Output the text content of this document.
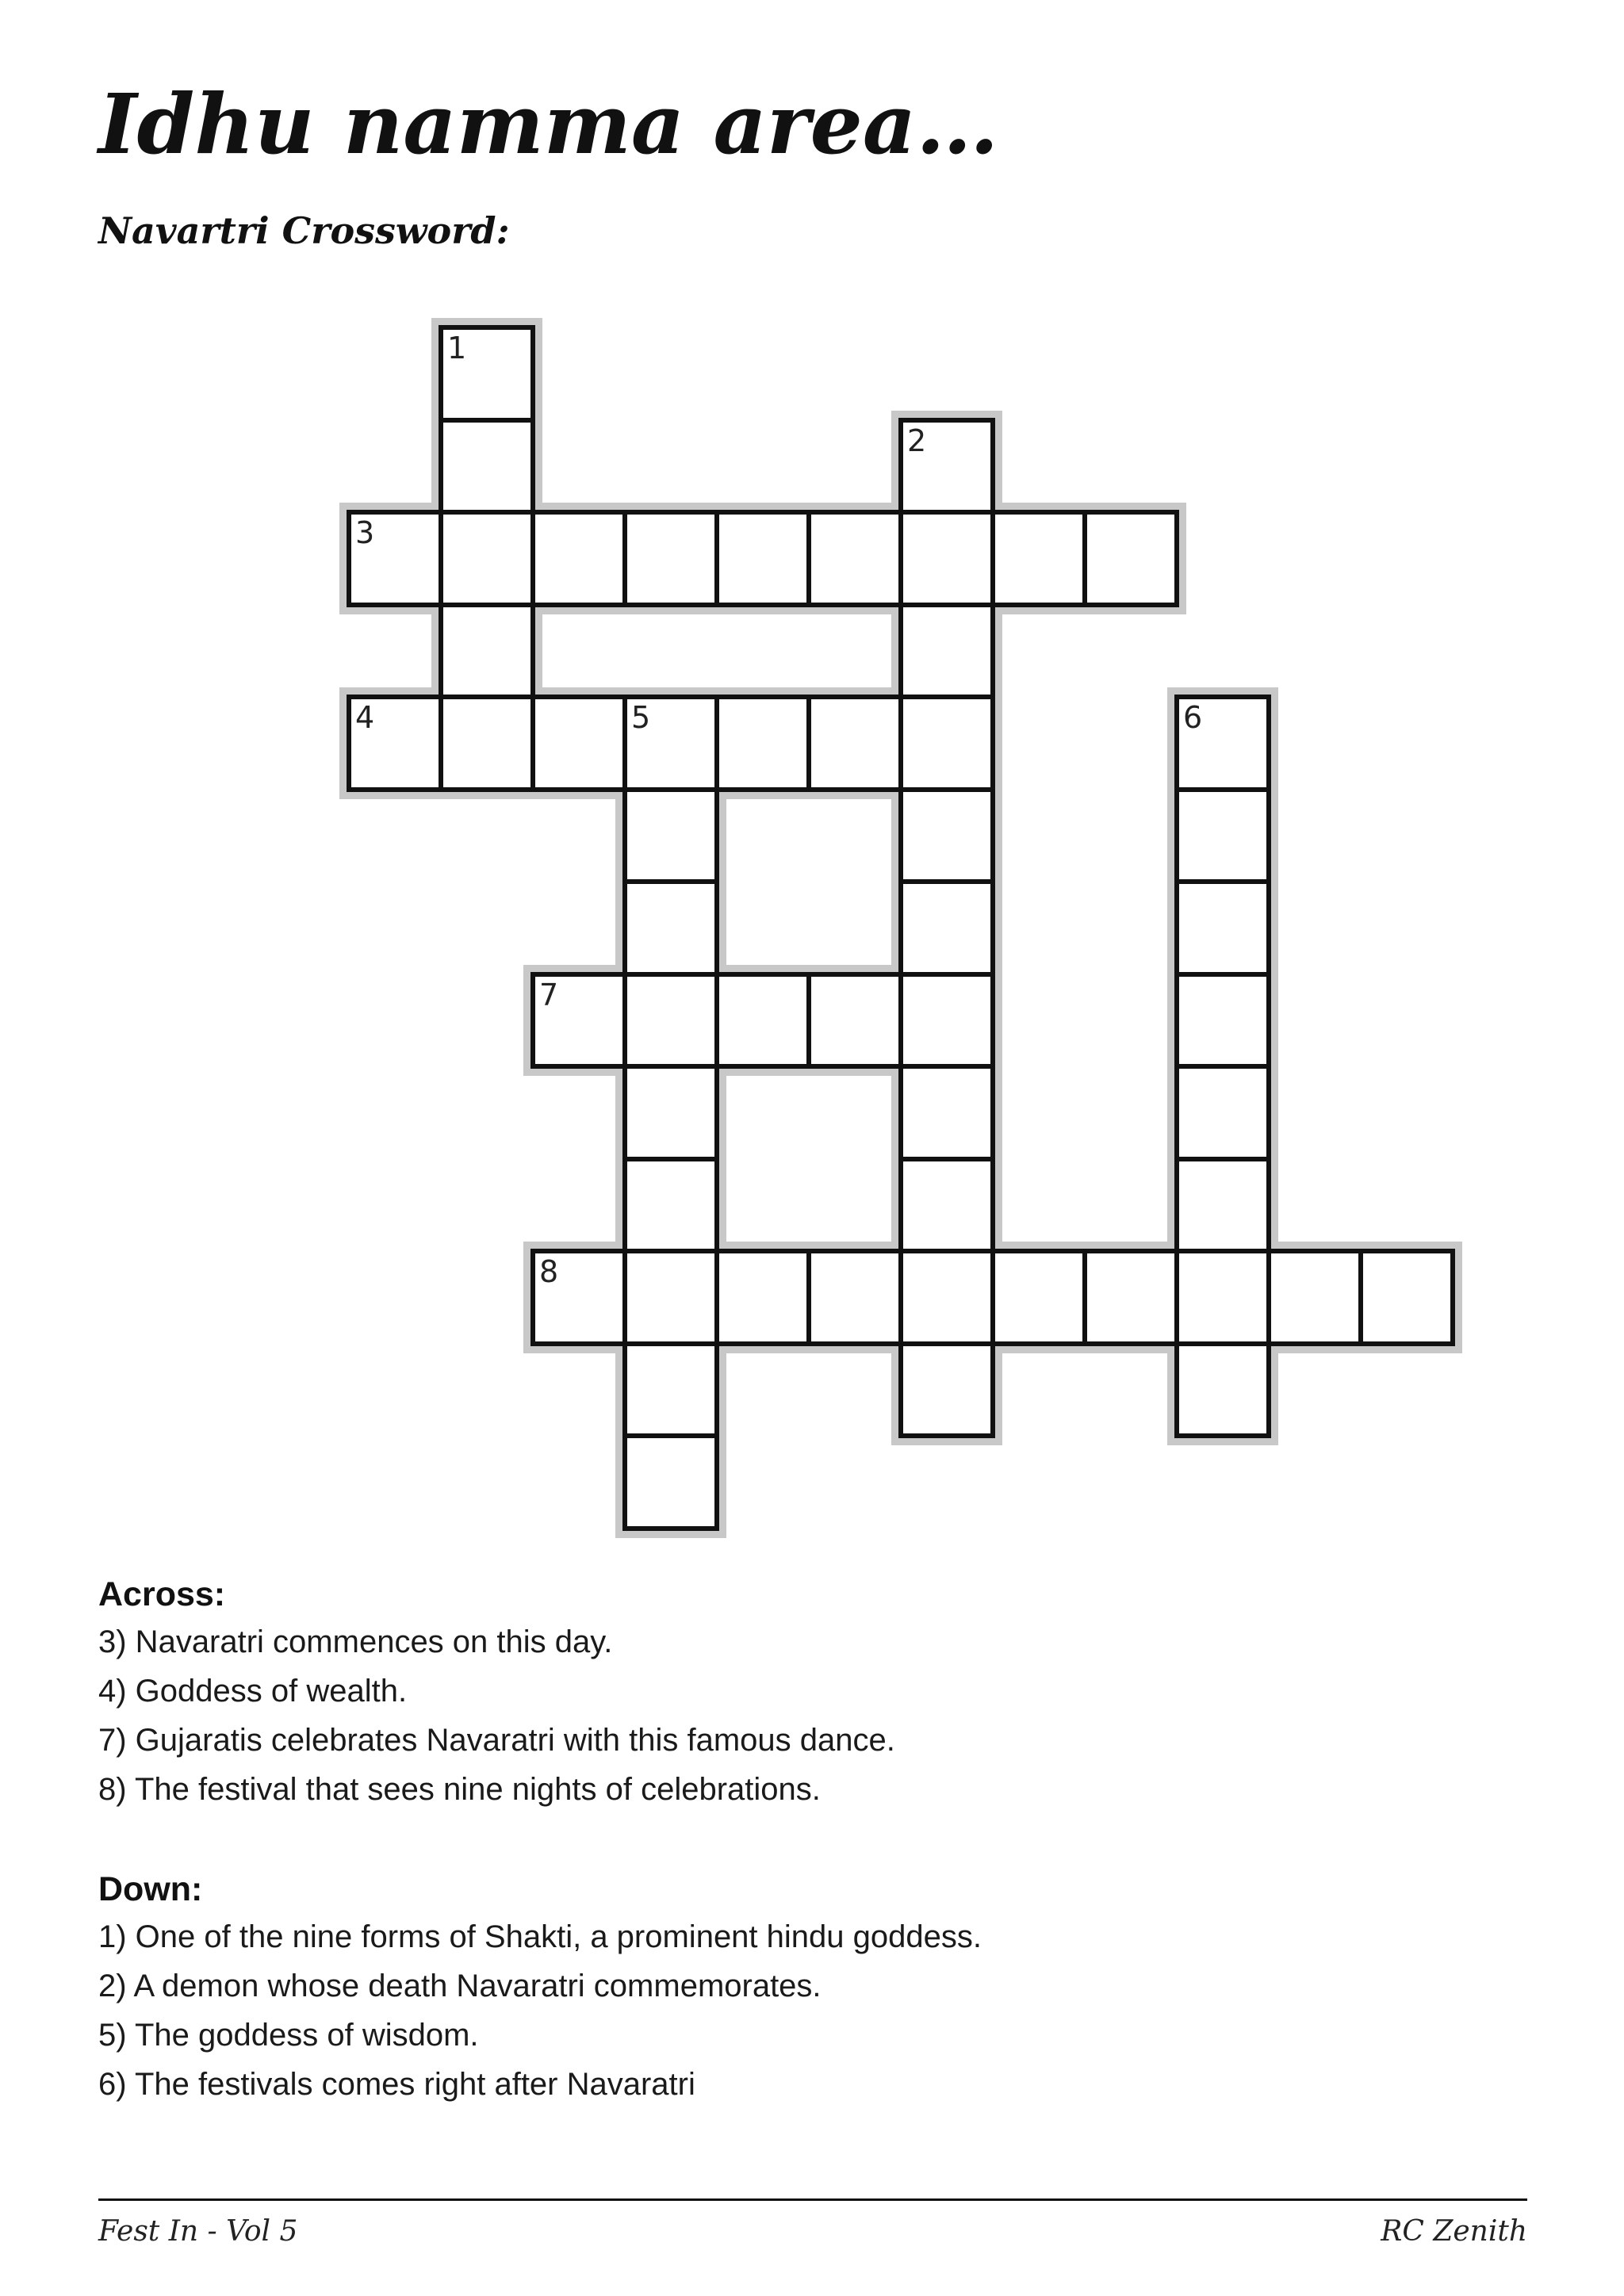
Idhu namma area…
Navartri Crossword:
1
2
3
4	5	6
7
8
Across:
3) Navaratri commences on this day.
4) Goddess of wealth.
7) Gujaratis celebrates Navaratri with this famous dance.
8) The festival that sees nine nights of celebrations.
Down:
1) One of the nine forms of Shakti, a prominent hindu goddess.
2) A demon whose death Navaratri commemorates.
5) The goddess of wisdom.
6) The festivals comes right after Navaratri
Fest In - Vol 5	RC Zenith
